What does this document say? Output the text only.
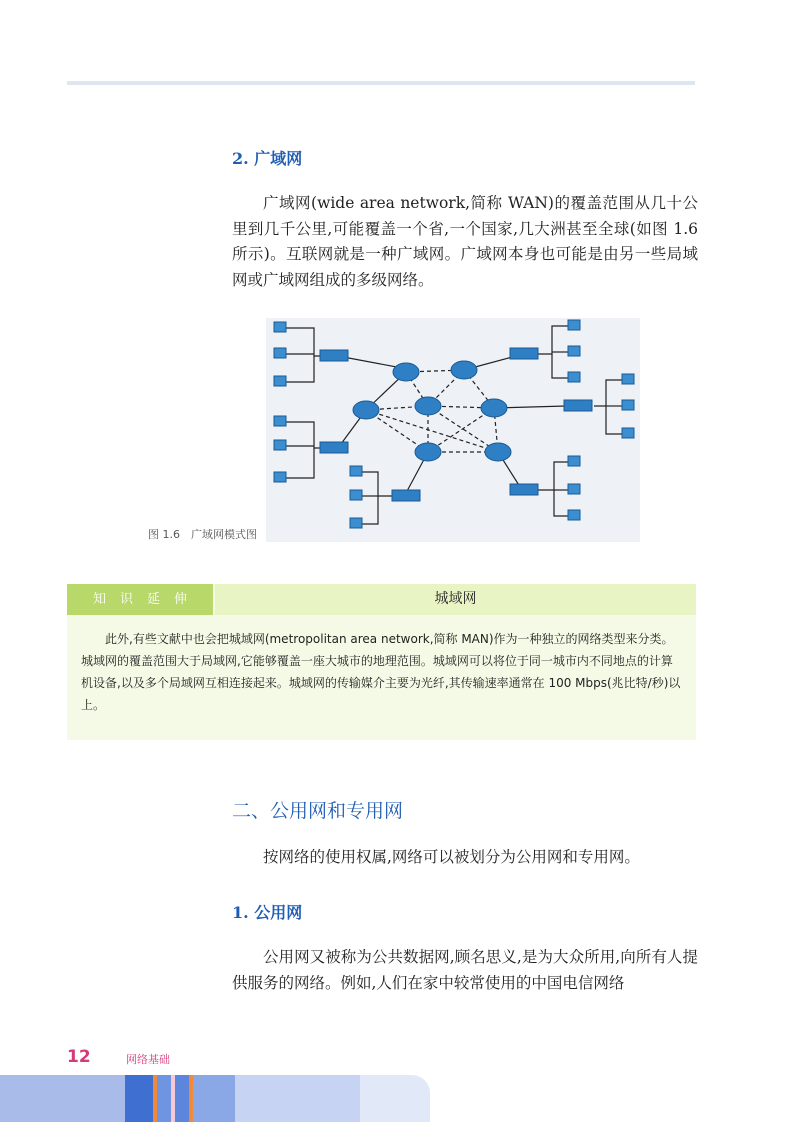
2. 广域网

广域网(wide area network,简称 WAN)的覆盖范围从几十公里到几千公里,可能覆盖一个省,一个国家,几大洲甚至全球(如图 1.6 所示)。互联网就是一种广域网。广域网本身也可能是由另一些局域网或广域网组成的多级网络。

图 1.6　广域网模式图
知识延伸	城域网

此外,有些文献中也会把城域网(metropolitan area network,简称 MAN)作为一种独立的网络类型来分类。城域网的覆盖范围大于局域网,它能够覆盖一座大城市的地理范围。城域网可以将位于同一城市内不同地点的计算机设备,以及多个局域网互相连接起来。城域网的传输媒介主要为光纤,其传输速率通常在 100 Mbps(兆比特/秒)以上。

二、公用网和专用网

按网络的使用权属,网络可以被划分为公用网和专用网。

1. 公用网

公用网又被称为公共数据网,顾名思义,是为大众所用,向所有人提供服务的网络。例如,人们在家中较常使用的中国电信网络

12	网络基础
